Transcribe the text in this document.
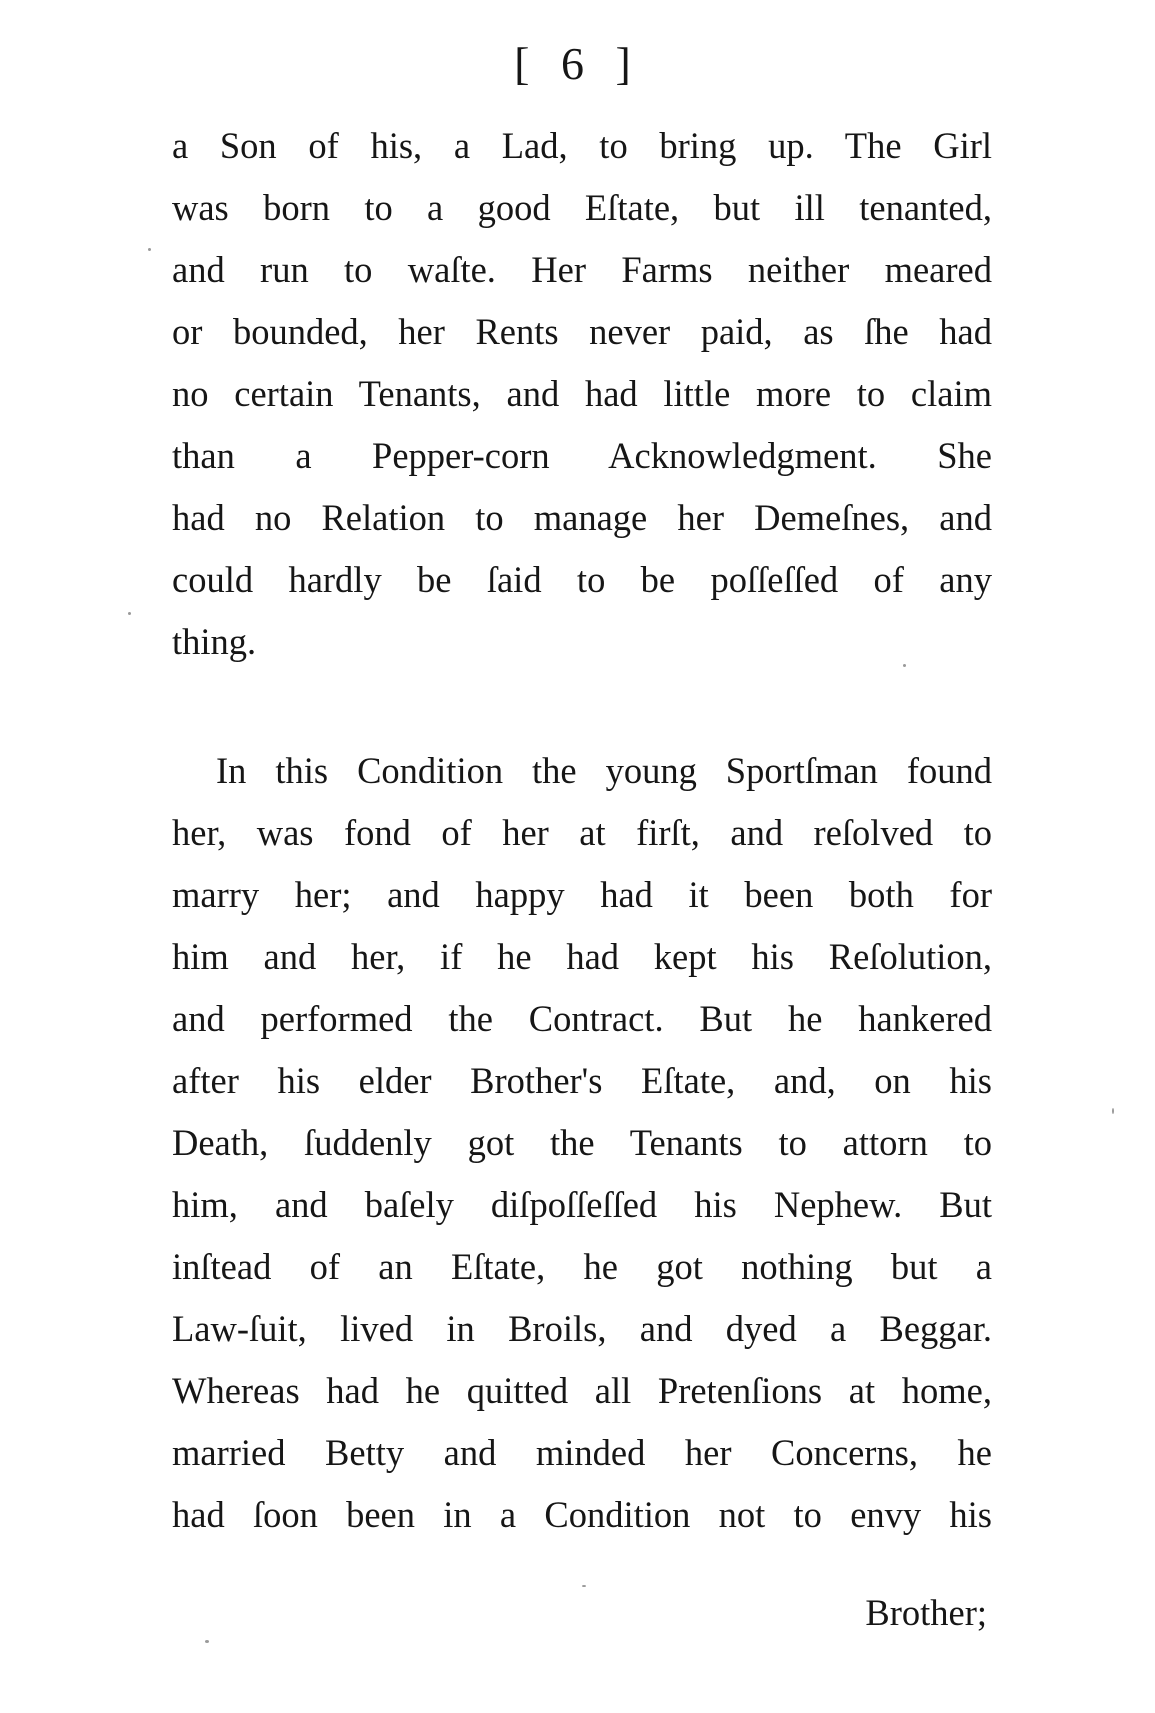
[ 6 ]
a Son of his, a Lad, to bring up. The Girl
was born to a good Eſtate, but ill tenanted,
and run to waſte. Her Farms neither meared
or bounded, her Rents never paid, as ſhe had
no certain Tenants, and had little more to claim
than a Pepper-corn Acknowledgment. She
had no Relation to manage her Demeſnes, and
could hardly be ſaid to be poſſeſſed of any
thing.
In this Condition the young Sportſman found
her, was fond of her at firſt, and reſolved to
marry her; and happy had it been both for
him and her, if he had kept his Reſolution,
and performed the Contract. But he hankered
after his elder Brother's Eſtate, and, on his
Death, ſuddenly got the Tenants to attorn to
him, and baſely diſpoſſeſſed his Nephew. But
inſtead of an Eſtate, he got nothing but a
Law-ſuit, lived in Broils, and dyed a Beggar.
Whereas had he quitted all Pretenſions at home,
married Betty and minded her Concerns, he
had ſoon been in a Condition not to envy his
Brother;
